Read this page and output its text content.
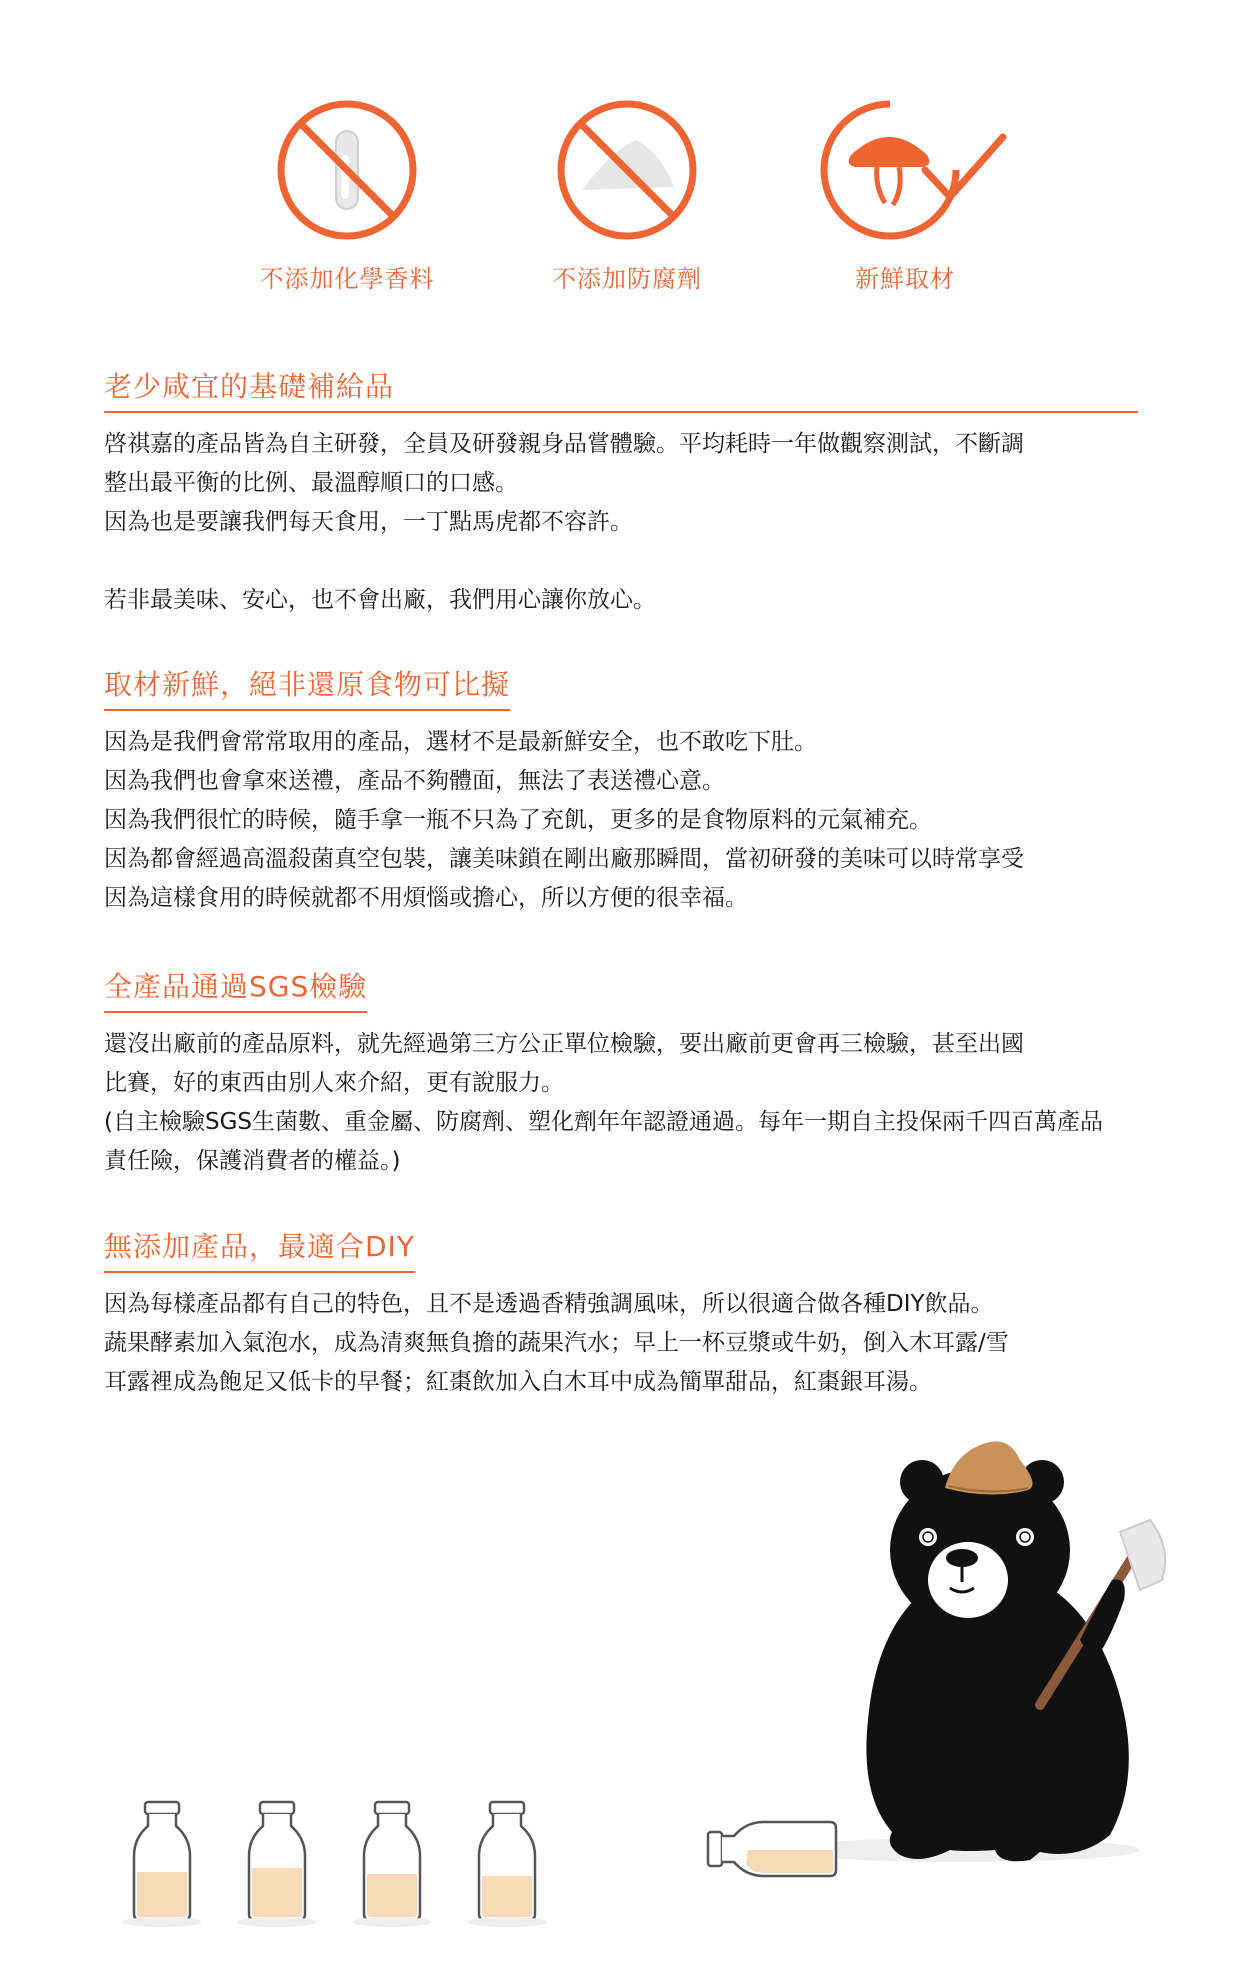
不添加化學香料	不添加防腐劑	新鮮取材
老少咸宜的基礎補給品

啓祺嘉的產品皆為自主研發，全員及研發親身品嘗體驗。平均耗時一年做觀察測試，不斷調

整出最平衡的比例、最溫醇順口的口感。

因為也是要讓我們每天食用，一丁點馬虎都不容許。

若非最美味、安心，也不會出廠，我們用心讓你放心。

取材新鮮，絕非還原食物可比擬

因為是我們會常常取用的產品，選材不是最新鮮安全，也不敢吃下肚。

因為我們也會拿來送禮，產品不夠體面，無法了表送禮心意。

因為我們很忙的時候，隨手拿一瓶不只為了充飢，更多的是食物原料的元氣補充。

因為都會經過高溫殺菌真空包裝，讓美味鎖在剛出廠那瞬間，當初研發的美味可以時常享受

因為這樣食用的時候就都不用煩惱或擔心，所以方便的很幸福。

全產品通過SGS檢驗

還沒出廠前的產品原料，就先經過第三方公正單位檢驗，要出廠前更會再三檢驗，甚至出國

比賽，好的東西由別人來介紹，更有說服力。

(自主檢驗SGS生菌數、重金屬、防腐劑、塑化劑年年認證通過。每年一期自主投保兩千四百萬產品

責任險，保護消費者的權益。)

無添加產品，最適合DIY

因為每樣產品都有自己的特色，且不是透過香精強調風味，所以很適合做各種DIY飲品。

蔬果酵素加入氣泡水，成為清爽無負擔的蔬果汽水；早上一杯豆漿或牛奶，倒入木耳露/雪

耳露裡成為飽足又低卡的早餐；紅棗飲加入白木耳中成為簡單甜品，紅棗銀耳湯。
